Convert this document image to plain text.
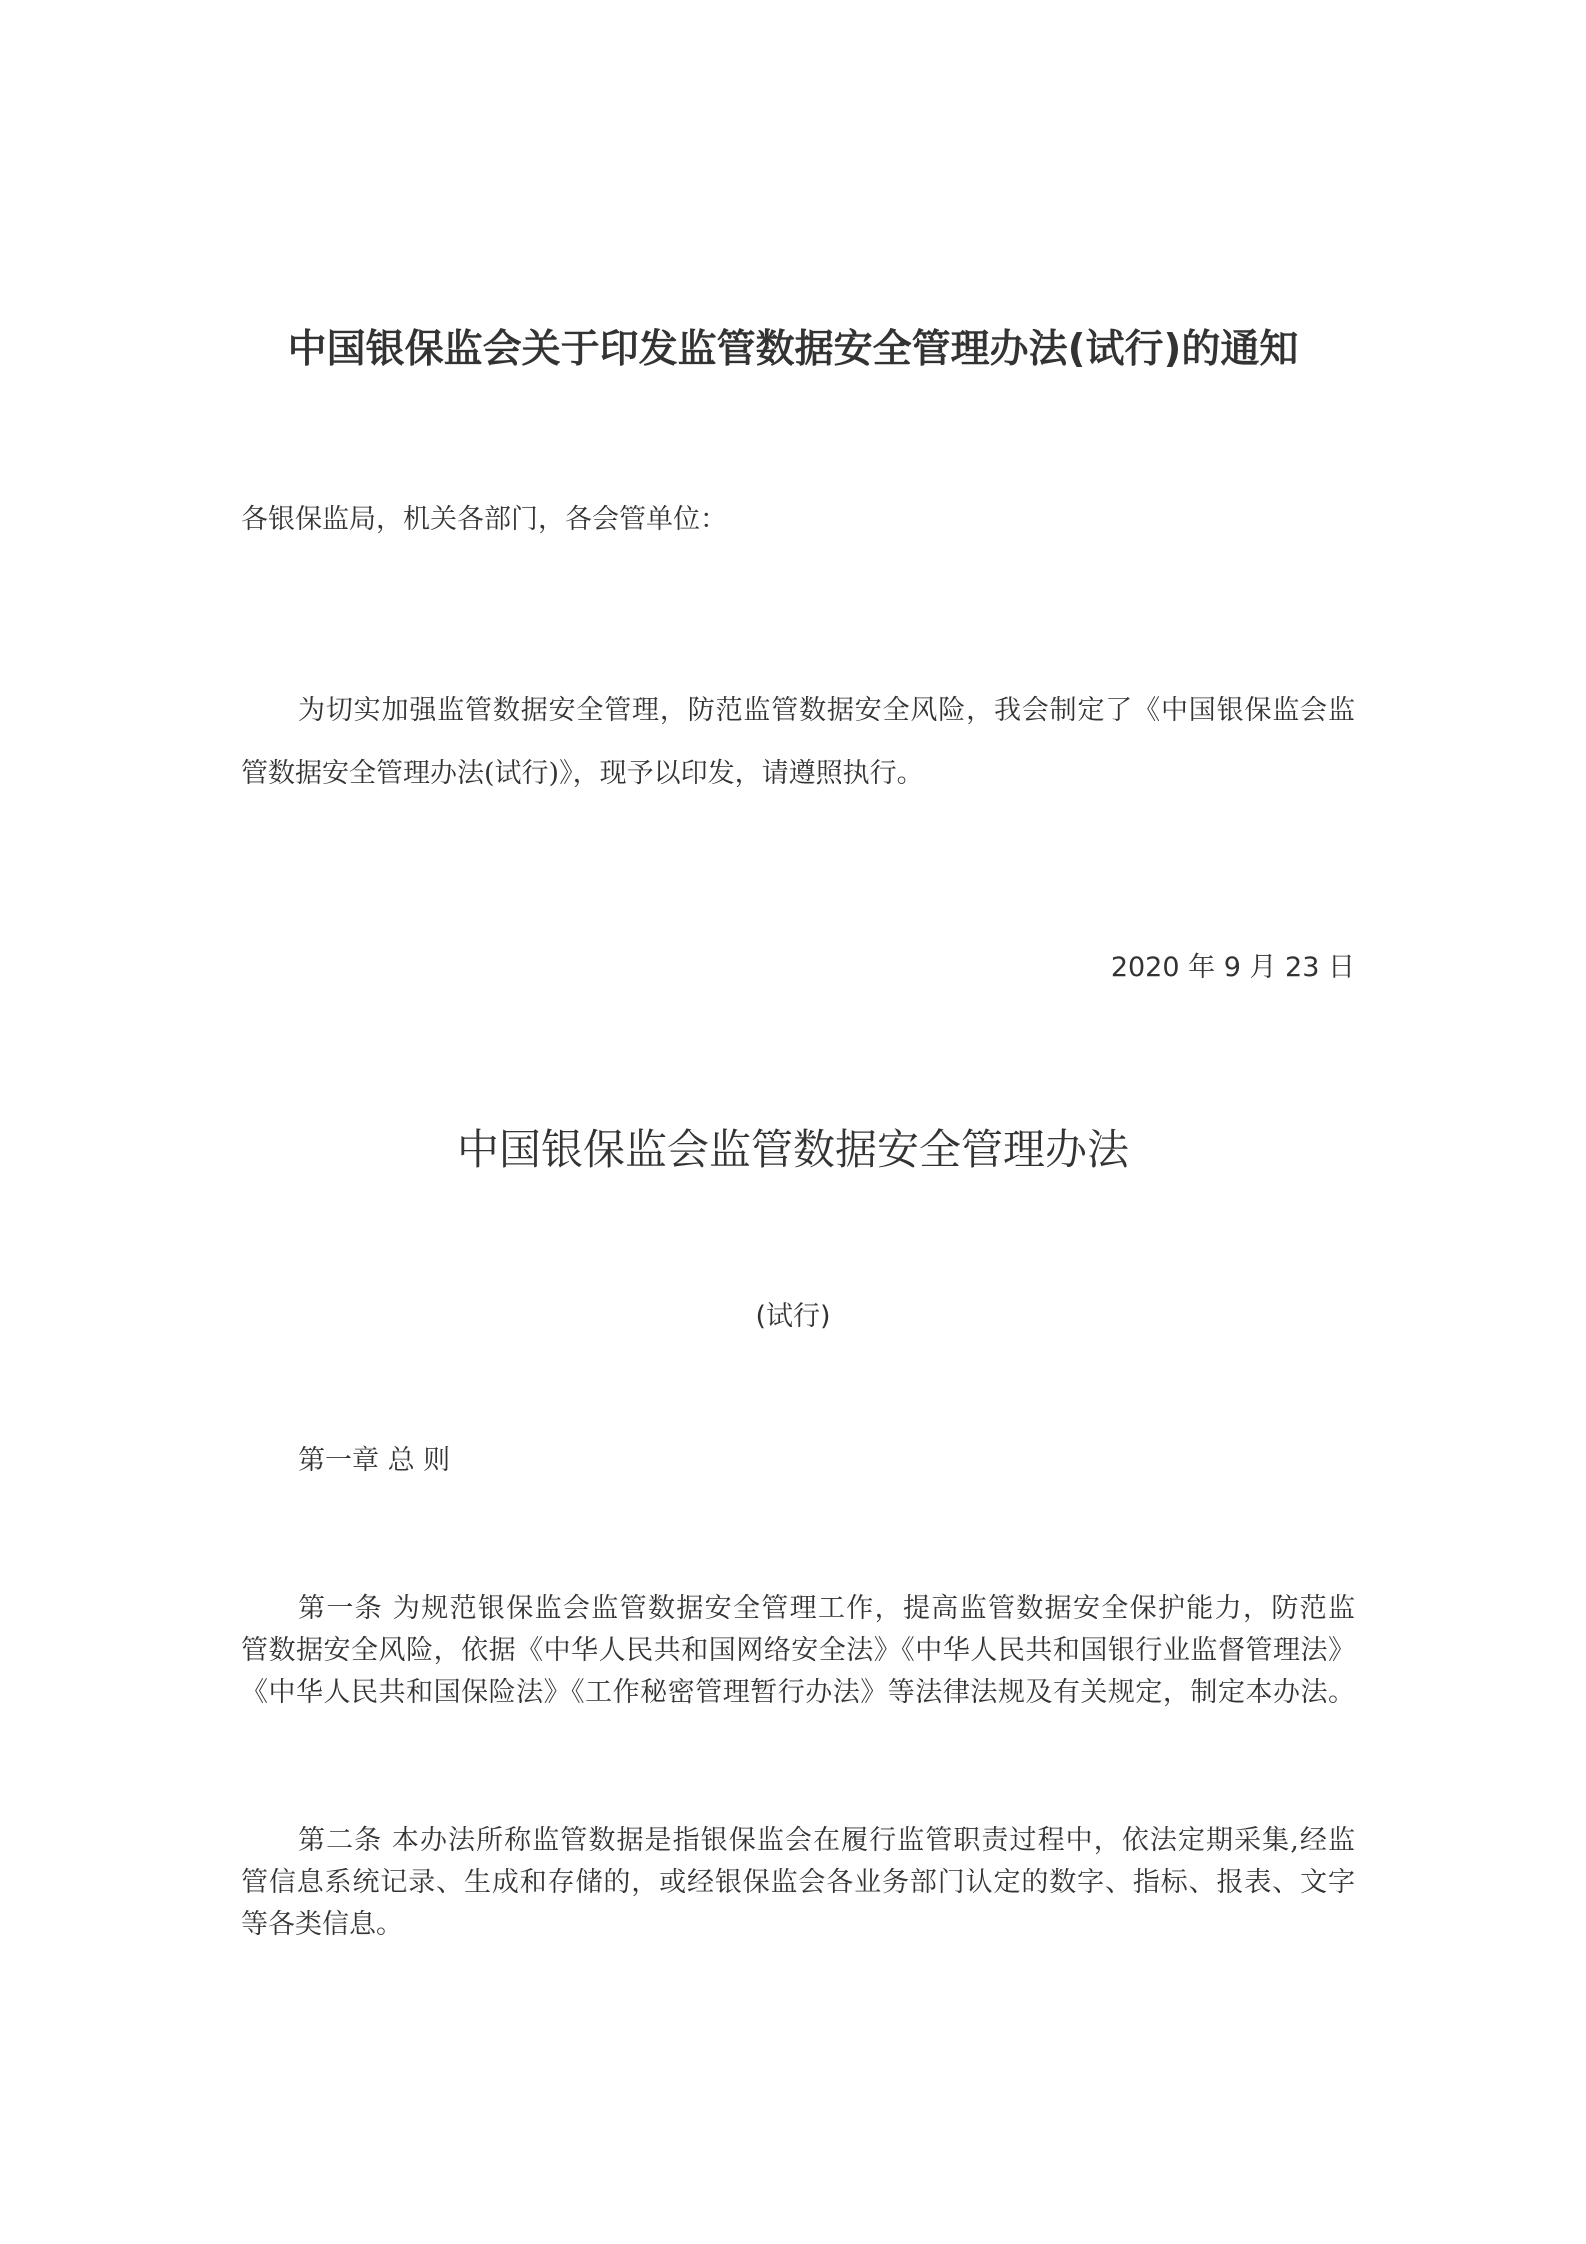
中国银保监会关于印发监管数据安全管理办法(试行)的通知
各银保监局，机关各部门，各会管单位：
为切实加强监管数据安全管理，防范监管数据安全风险，我会制定了《中国银保监会监
管数据安全管理办法(试行)》，现予以印发，请遵照执行。
2020 年 9 月 23 日
中国银保监会监管数据安全管理办法
(试行)
第一章 总 则
第一条 为规范银保监会监管数据安全管理工作，提高监管数据安全保护能力，防范监
管数据安全风险，依据《中华人民共和国网络安全法》《中华人民共和国银行业监督管理法》
《中华人民共和国保险法》《工作秘密管理暂行办法》等法律法规及有关规定，制定本办法。
第二条 本办法所称监管数据是指银保监会在履行监管职责过程中，依法定期采集,经监
管信息系统记录、生成和存储的，或经银保监会各业务部门认定的数字、指标、报表、文字
等各类信息。
